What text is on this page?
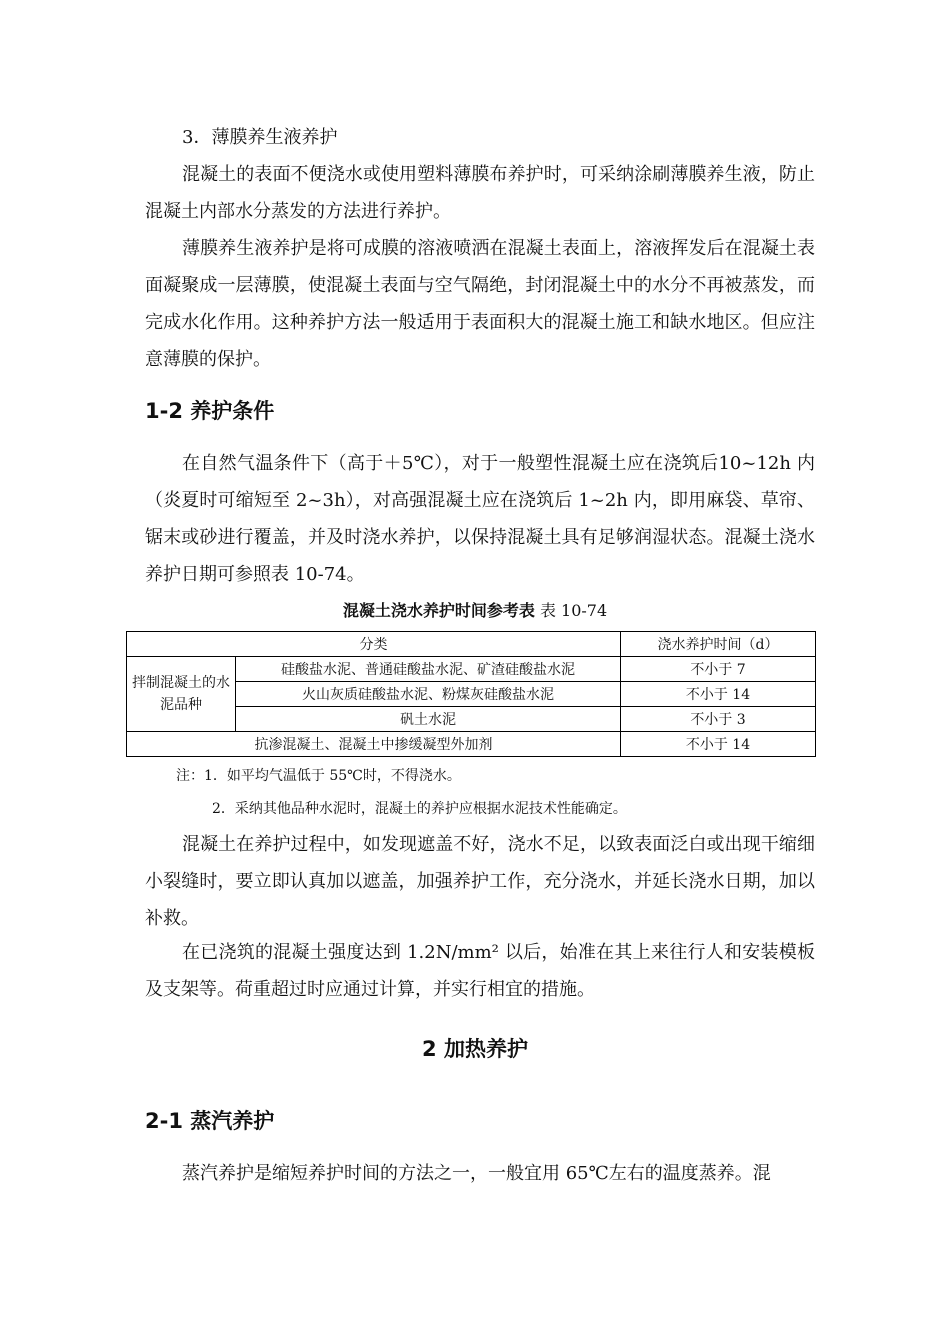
3．薄膜养生液养护

混凝土的表面不便浇水或使用塑料薄膜布养护时，可采纳涂刷薄膜养生液，防止混凝土内部水分蒸发的方法进行养护。

薄膜养生液养护是将可成膜的溶液喷洒在混凝土表面上，溶液挥发后在混凝土表面凝聚成一层薄膜，使混凝土表面与空气隔绝，封闭混凝土中的水分不再被蒸发，而完成水化作用。这种养护方法一般适用于表面积大的混凝土施工和缺水地区。但应注意薄膜的保护。

1-2 养护条件

在自然气温条件下（高于＋5℃），对于一般塑性混凝土应在浇筑后10~12h 内（炎夏时可缩短至 2~3h），对高强混凝土应在浇筑后 1~2h 内，即用麻袋、草帘、锯末或砂进行覆盖，并及时浇水养护，以保持混凝土具有足够润湿状态。混凝土浇水养护日期可参照表 10-74。

混凝土浇水养护时间参考表 表 10-74
分类		浇水养护时间（d）
拌制混凝土的水泥品种	硅酸盐水泥、普通硅酸盐水泥、矿渣硅酸盐水泥	不小于 7
	火山灰质硅酸盐水泥、粉煤灰硅酸盐水泥	不小于 14
	矾土水泥	不小于 3
抗渗混凝土、混凝土中掺缓凝型外加剂		不小于 14
注：1．如平均气温低于 55℃时，不得浇水。
2．采纳其他品种水泥时，混凝土的养护应根据水泥技术性能确定。

混凝土在养护过程中，如发现遮盖不好，浇水不足，以致表面泛白或出现干缩细小裂缝时，要立即认真加以遮盖，加强养护工作，充分浇水，并延长浇水日期，加以补救。

在已浇筑的混凝土强度达到 1.2N/mm² 以后，始准在其上来往行人和安装模板及支架等。荷重超过时应通过计算，并实行相宜的措施。

2 加热养护
2-1 蒸汽养护

蒸汽养护是缩短养护时间的方法之一，一般宜用 65℃左右的温度蒸养。混
